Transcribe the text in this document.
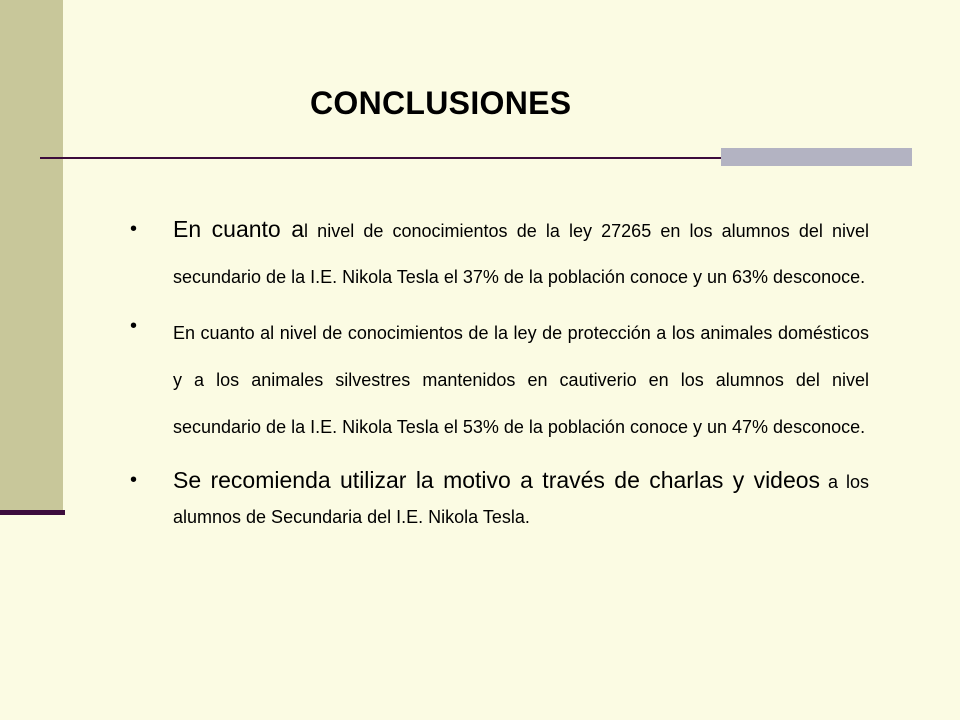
CONCLUSIONES
• En cuanto al nivel de conocimientos de la ley 27265 en los alumnos del nivel secundario de la I.E. Nikola Tesla el 37% de la población conoce y un 63% desconoce.
• En cuanto al nivel de conocimientos de la ley de protección a los animales domésticos y a los animales silvestres mantenidos en cautiverio en los alumnos del nivel secundario de la I.E. Nikola Tesla el 53% de la población conoce y un 47% desconoce.
• Se recomienda utilizar la motivo a través de charlas y videos a los alumnos de Secundaria del I.E. Nikola Tesla.
